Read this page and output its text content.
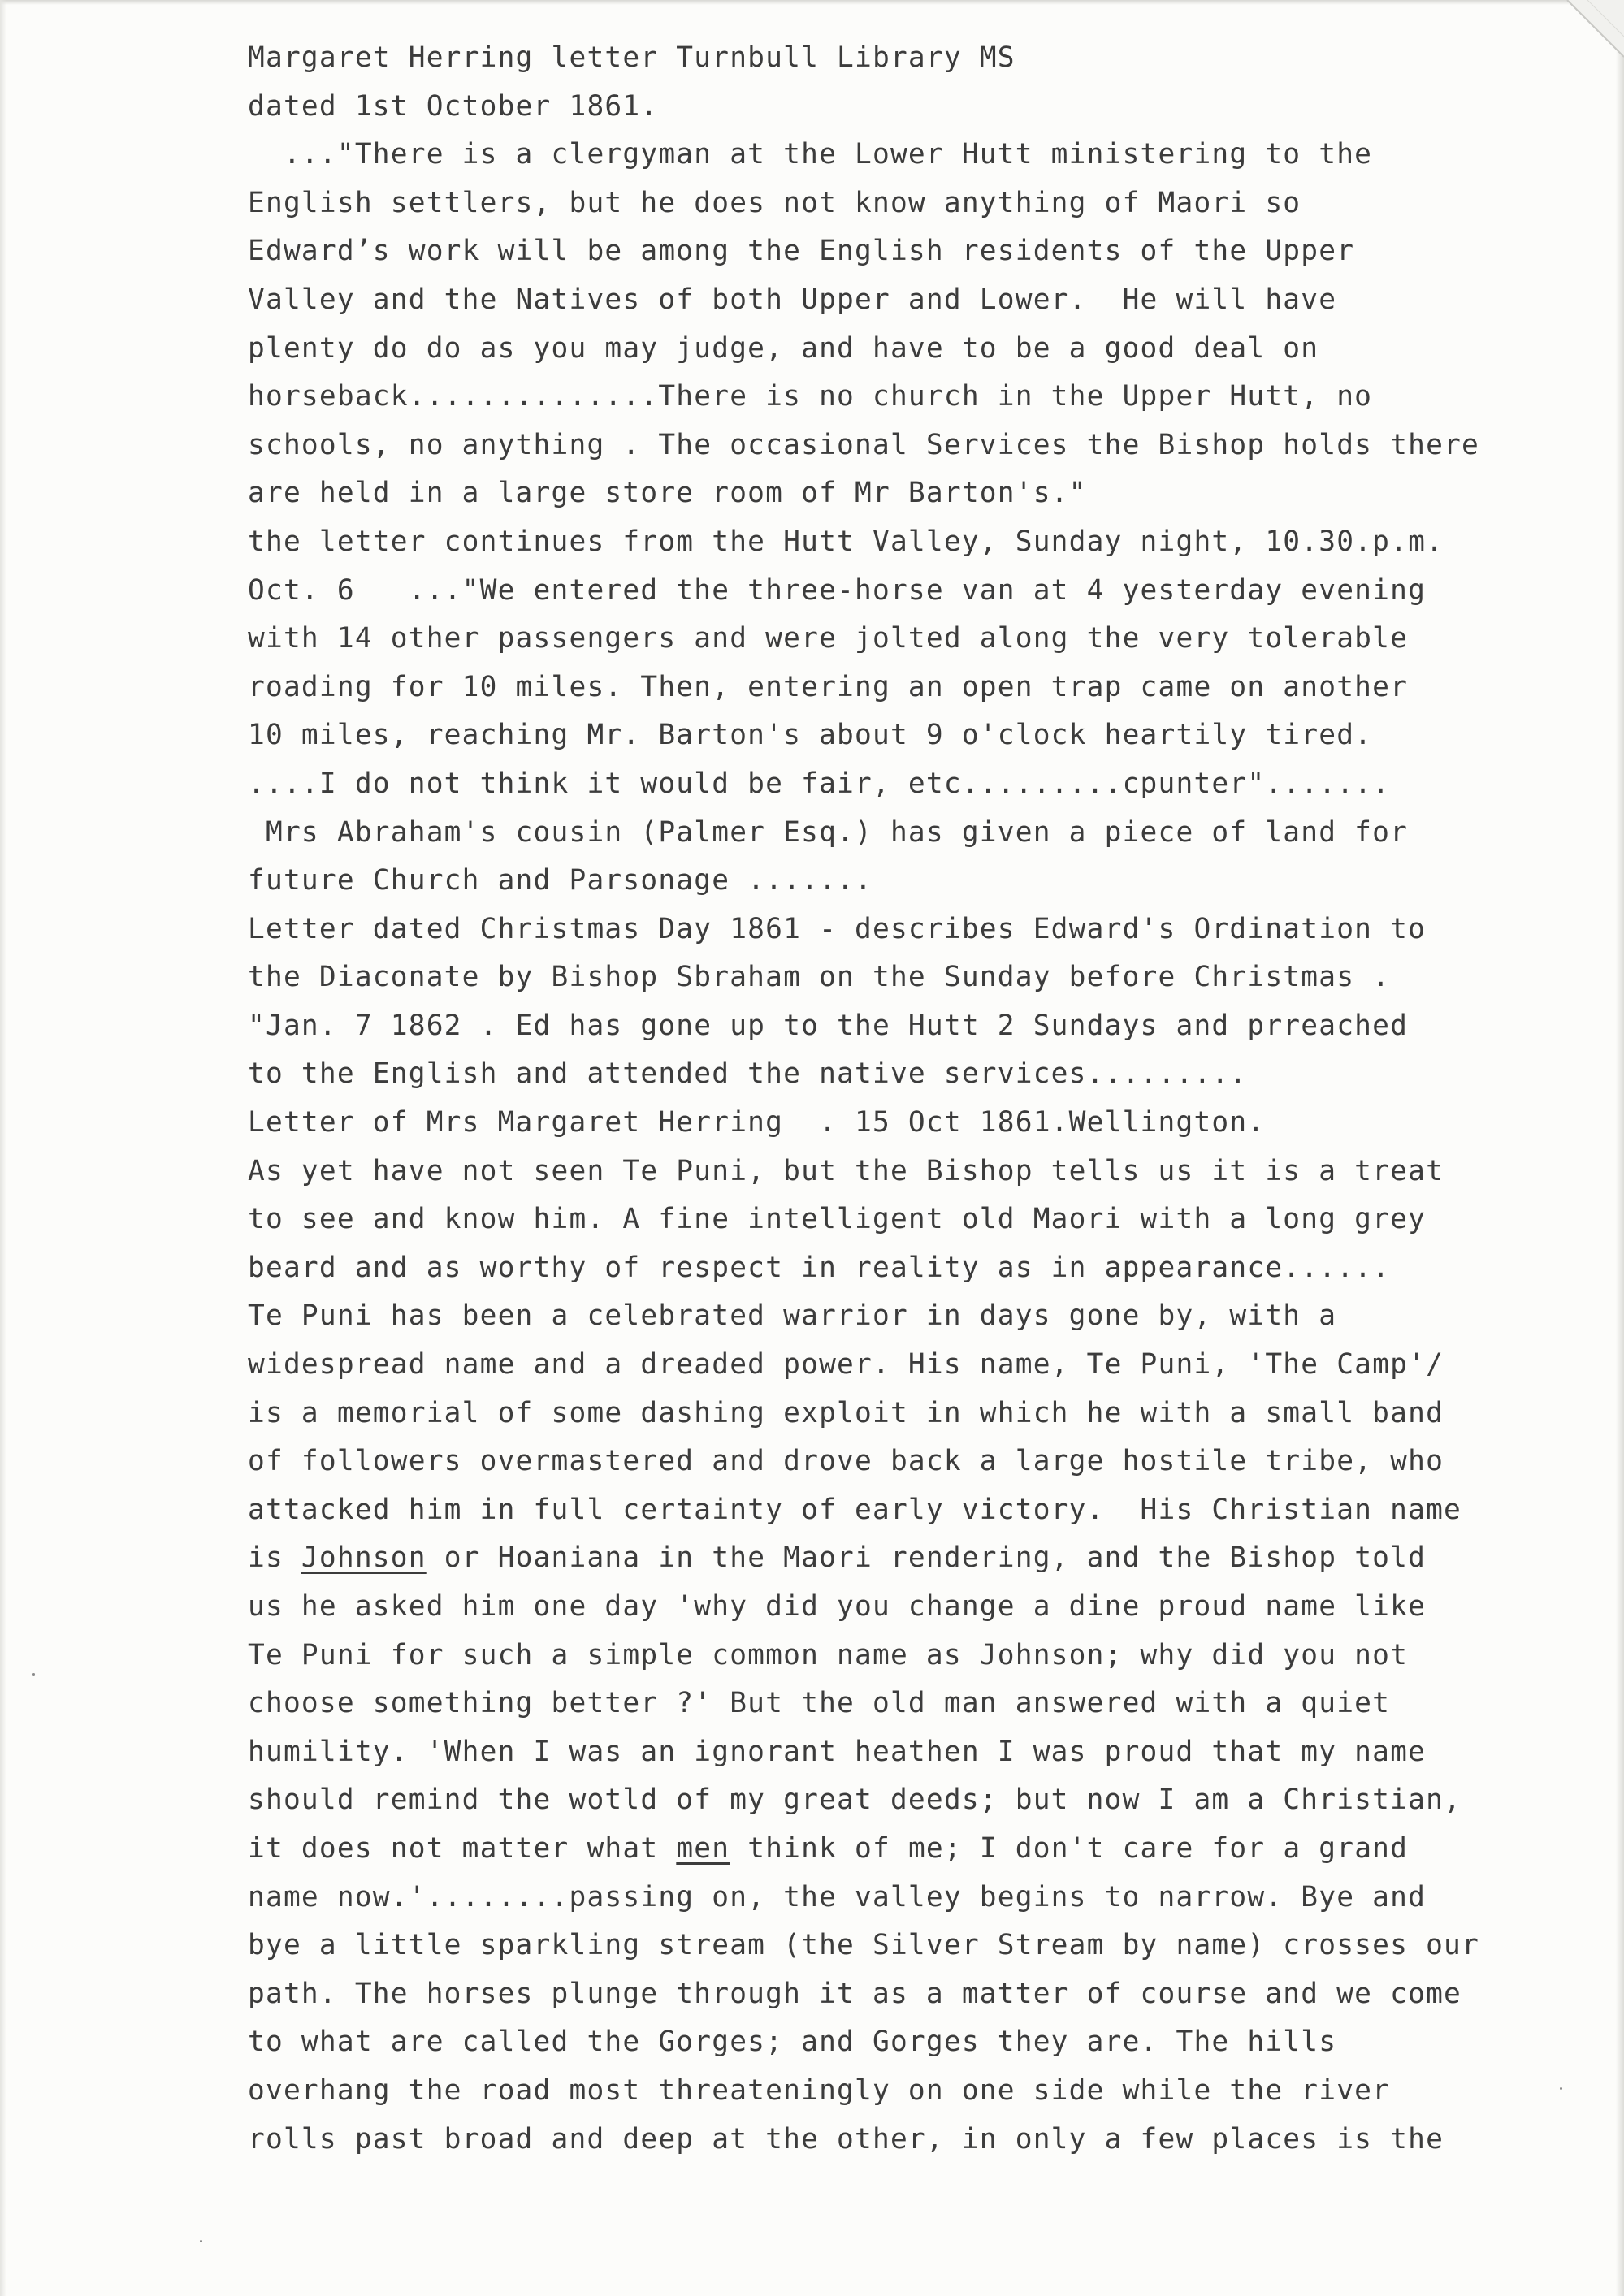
Margaret Herring letter Turnbull Library MS
dated 1st October 1861.
..."There is a clergyman at the Lower Hutt ministering to the
English settlers, but he does not know anything of Maori so
Edward’s work will be among the English residents of the Upper
Valley and the Natives of both Upper and Lower.  He will have
plenty do do as you may judge, and have to be a good deal on
horseback..............There is no church in the Upper Hutt, no
schools, no anything . The occasional Services the Bishop holds there
are held in a large store room of Mr Barton's."
the letter continues from the Hutt Valley, Sunday night, 10.30.p.m.
Oct. 6   ..."We entered the three-horse van at 4 yesterday evening
with 14 other passengers and were jolted along the very tolerable
roading for 10 miles. Then, entering an open trap came on another
10 miles, reaching Mr. Barton's about 9 o'clock heartily tired.
....I do not think it would be fair, etc.........cpunter".......
Mrs Abraham's cousin (Palmer Esq.) has given a piece of land for
future Church and Parsonage .......
Letter dated Christmas Day 1861 - describes Edward's Ordination to
the Diaconate by Bishop Sbraham on the Sunday before Christmas .
"Jan. 7 1862 . Ed has gone up to the Hutt 2 Sundays and prreached
to the English and attended the native services.........
Letter of Mrs Margaret Herring  . 15 Oct 1861.Wellington.
As yet have not seen Te Puni, but the Bishop tells us it is a treat
to see and know him. A fine intelligent old Maori with a long grey
beard and as worthy of respect in reality as in appearance......
Te Puni has been a celebrated warrior in days gone by, with a
widespread name and a dreaded power. His name, Te Puni, 'The Camp'/
is a memorial of some dashing exploit in which he with a small band
of followers overmastered and drove back a large hostile tribe, who
attacked him in full certainty of early victory.  His Christian name
is Johnson or Hoaniana in the Maori rendering, and the Bishop told
us he asked him one day 'why did you change a dine proud name like
Te Puni for such a simple common name as Johnson; why did you not
choose something better ?' But the old man answered with a quiet
humility. 'When I was an ignorant heathen I was proud that my name
should remind the wotld of my great deeds; but now I am a Christian,
it does not matter what men think of me; I don't care for a grand
name now.'........passing on, the valley begins to narrow. Bye and
bye a little sparkling stream (the Silver Stream by name) crosses our
path. The horses plunge through it as a matter of course and we come
to what are called the Gorges; and Gorges they are. The hills
overhang the road most threateningly on one side while the river
rolls past broad and deep at the other, in only a few places is the
